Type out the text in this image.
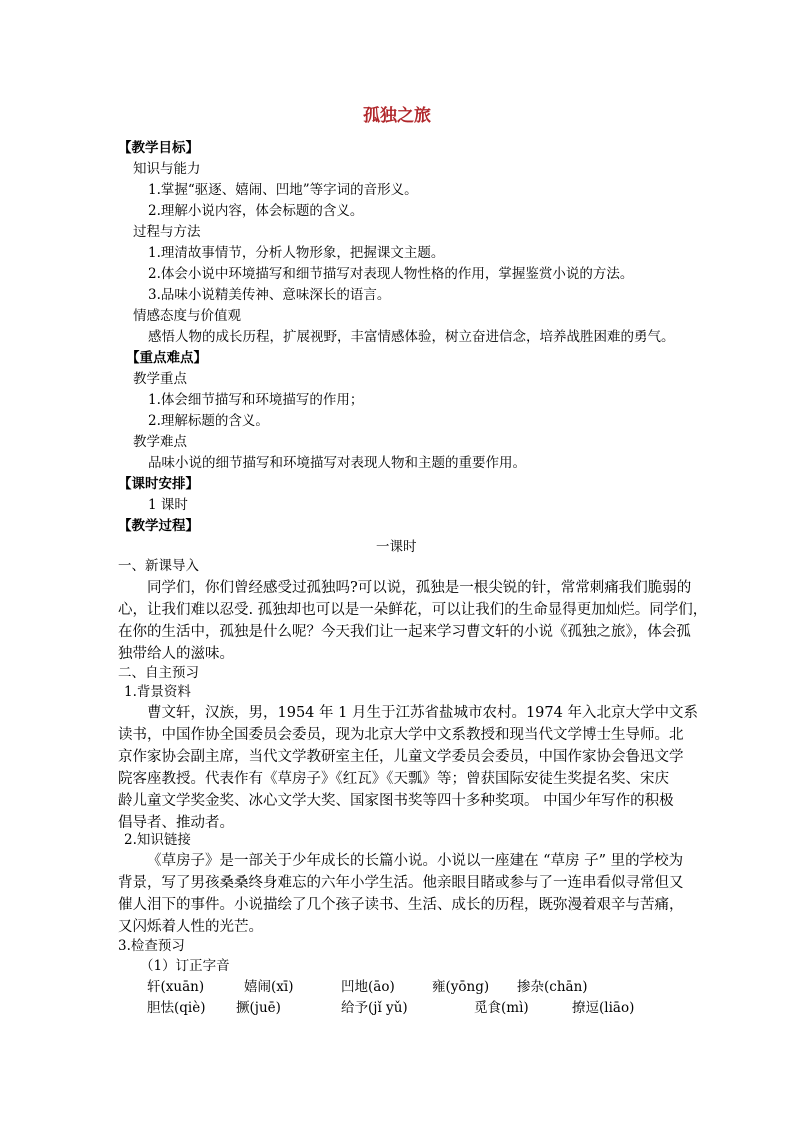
孤独之旅
【教学目标】
知识与能力
1.掌握“驱逐、嬉闹、凹地”等字词的音形义。
2.理解小说内容，体会标题的含义。
过程与方法
1.理清故事情节，分析人物形象，把握课文主题。
2.体会小说中环境描写和细节描写对表现人物性格的作用，掌握鉴赏小说的方法。
3.品味小说精美传神、意味深长的语言。
情感态度与价值观
感悟人物的成长历程，扩展视野，丰富情感体验，树立奋进信念，培养战胜困难的勇气。
【重点难点】
教学重点
1.体会细节描写和环境描写的作用；
2.理解标题的含义。
教学难点
品味小说的细节描写和环境描写对表现人物和主题的重要作用。
【课时安排】
1 课时
【教学过程】
一课时
一、新课导入
同学们，你们曾经感受过孤独吗?可以说，孤独是一根尖锐的针，常常刺痛我们脆弱的
心，让我们难以忍受. 孤独却也可以是一朵鲜花，可以让我们的生命显得更加灿烂。同学们，
在你的生活中，孤独是什么呢？今天我们让一起来学习曹文轩的小说《孤独之旅》，体会孤
独带给人的滋味。
二、自主预习
1.背景资料
曹文轩，汉族，男，1954 年 1 月生于江苏省盐城市农村。1974 年入北京大学中文系
读书，中国作协全国委员会委员，现为北京大学中文系教授和现当代文学博士生导师。北
京作家协会副主席，当代文学教研室主任，儿童文学委员会委员，中国作家协会鲁迅文学
院客座教授。代表作有《草房子》《红瓦》《天瓢》等；曾获国际安徒生奖提名奖、宋庆
龄儿童文学奖金奖、冰心文学大奖、国家图书奖等四十多种奖项。 中国少年写作的积极
倡导者、推动者。
2.知识链接
《草房子》是一部关于少年成长的长篇小说。小说以一座建在 “草房 子” 里的学校为
背景，写了男孩桑桑终身难忘的六年小学生活。他亲眼目睹或参与了一连串看似寻常但又
催人泪下的事件。小说描绘了几个孩子读书、生活、成长的历程，既弥漫着艰辛与苦痛，
又闪烁着人性的光芒。
3.检查预习
（1）订正字音
轩(xuān)	嬉闹(xī)	凹地(āo)	雍(yōng) 掺杂(chān)
胆怯(qiè) 撅(juē)	给予(jǐ yǔ)	觅食(mì)	撩逗(liāo)
